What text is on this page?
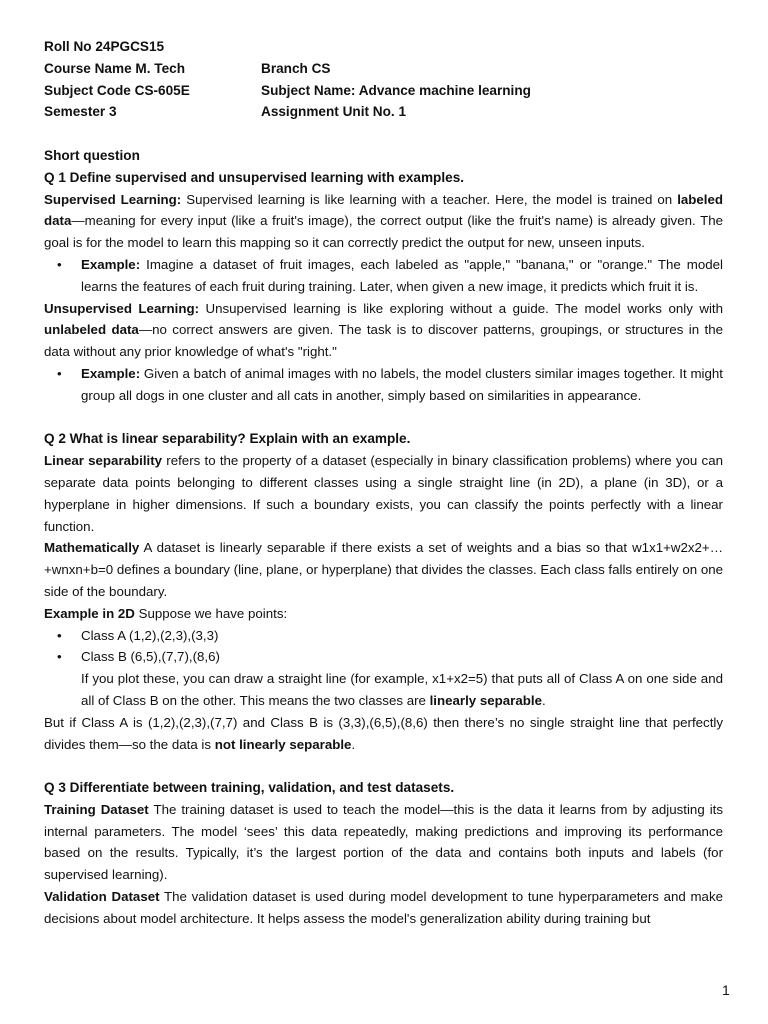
Roll No 24PGCS15
Course Name M. Tech	Branch CS
Subject Code CS-605E	Subject Name: Advance machine learning
Semester 3	Assignment Unit No. 1
Short question
Q 1 Define supervised and unsupervised learning with examples.

Supervised Learning: Supervised learning is like learning with a teacher. Here, the model is trained on labeled data—meaning for every input (like a fruit's image), the correct output (like the fruit's name) is already given. The goal is for the model to learn this mapping so it can correctly predict the output for new, unseen inputs.

• Example: Imagine a dataset of fruit images, each labeled as "apple," "banana," or "orange." The model learns the features of each fruit during training. Later, when given a new image, it predicts which fruit it is.

Unsupervised Learning: Unsupervised learning is like exploring without a guide. The model works only with unlabeled data—no correct answers are given. The task is to discover patterns, groupings, or structures in the data without any prior knowledge of what's "right."

• Example: Given a batch of animal images with no labels, the model clusters similar images together. It might group all dogs in one cluster and all cats in another, simply based on similarities in appearance.
Q 2 What is linear separability? Explain with an example.

Linear separability refers to the property of a dataset (especially in binary classification problems) where you can separate data points belonging to different classes using a single straight line (in 2D), a plane (in 3D), or a hyperplane in higher dimensions. If such a boundary exists, you can classify the points perfectly with a linear function.

Mathematically A dataset is linearly separable if there exists a set of weights and a bias so that w1x1+w2x2+…+wnxn+b=0 defines a boundary (line, plane, or hyperplane) that divides the classes. Each class falls entirely on one side of the boundary.

Example in 2D Suppose we have points:

• Class A (1,2),(2,3),(3,3)
• Class B (6,5),(7,7),(8,6)
If you plot these, you can draw a straight line (for example, x1+x2=5) that puts all of Class A on one side and all of Class B on the other. This means the two classes are linearly separable.

But if Class A is (1,2),(2,3),(7,7) and Class B is (3,3),(6,5),(8,6) then there’s no single straight line that perfectly divides them—so the data is not linearly separable.

Q 3 Differentiate between training, validation, and test datasets.

Training Dataset The training dataset is used to teach the model—this is the data it learns from by adjusting its internal parameters. The model ‘sees’ this data repeatedly, making predictions and improving its performance based on the results. Typically, it’s the largest portion of the data and contains both inputs and labels (for supervised learning).

Validation Dataset The validation dataset is used during model development to tune hyperparameters and make decisions about model architecture. It helps assess the model's generalization ability during training but

1
